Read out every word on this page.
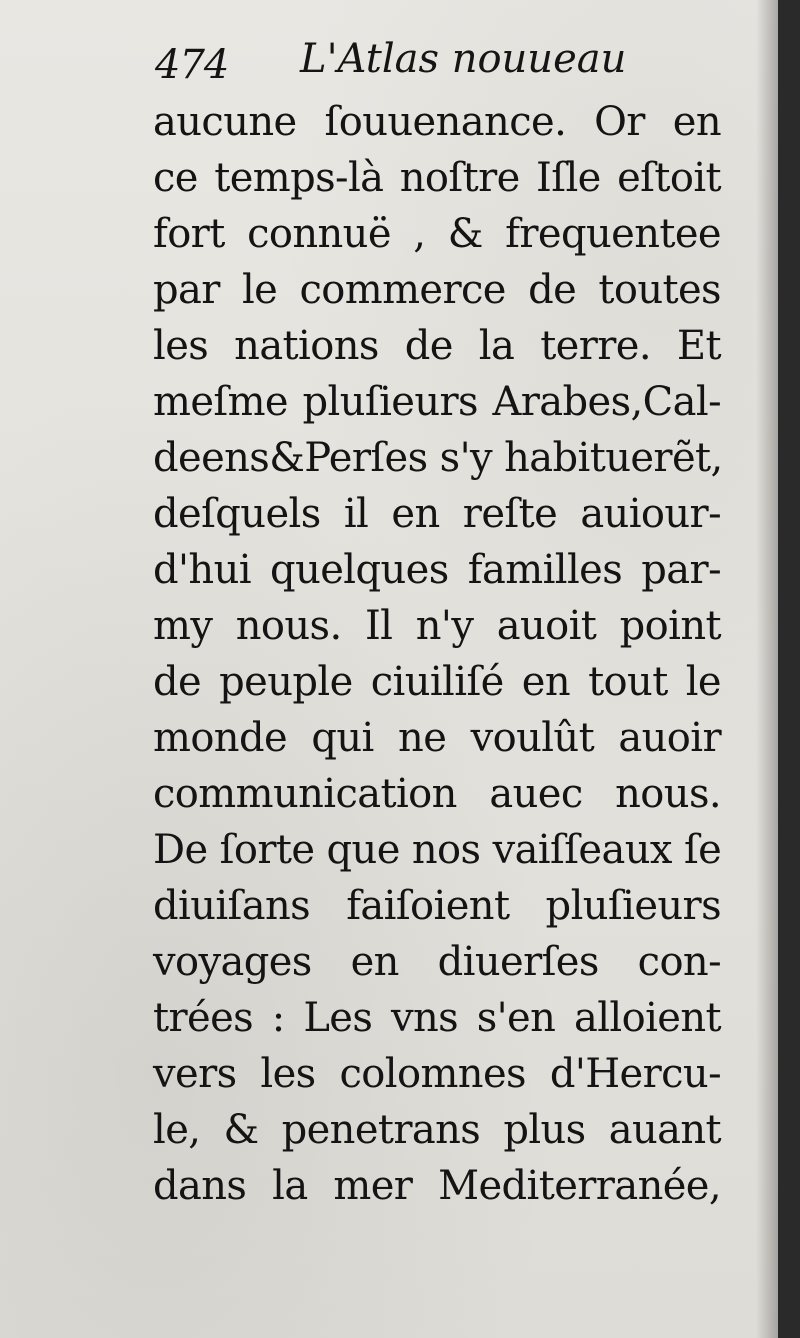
474 L'Atlas nouueau
aucune ſouuenance. Or en
ce temps-là noſtre Iſle eſtoit
fort connuë , & frequentee
par le commerce de toutes
les nations de la terre. Et
meſme pluſieurs Arabes,Cal-
deens&Perſes s'y habituerẽt,
deſquels il en reſte auiour-
d'hui quelques familles par-
my nous. Il n'y auoit point
de peuple ciuiliſé en tout le
monde qui ne voulût auoir
communication auec nous.
De ſorte que nos vaiſſeaux ſe
diuiſans faiſoient pluſieurs
voyages en diuerſes con-
trées : Les vns s'en alloient
vers les colomnes d'Hercu-
le, & penetrans plus auant
dans la mer Mediterranée,
